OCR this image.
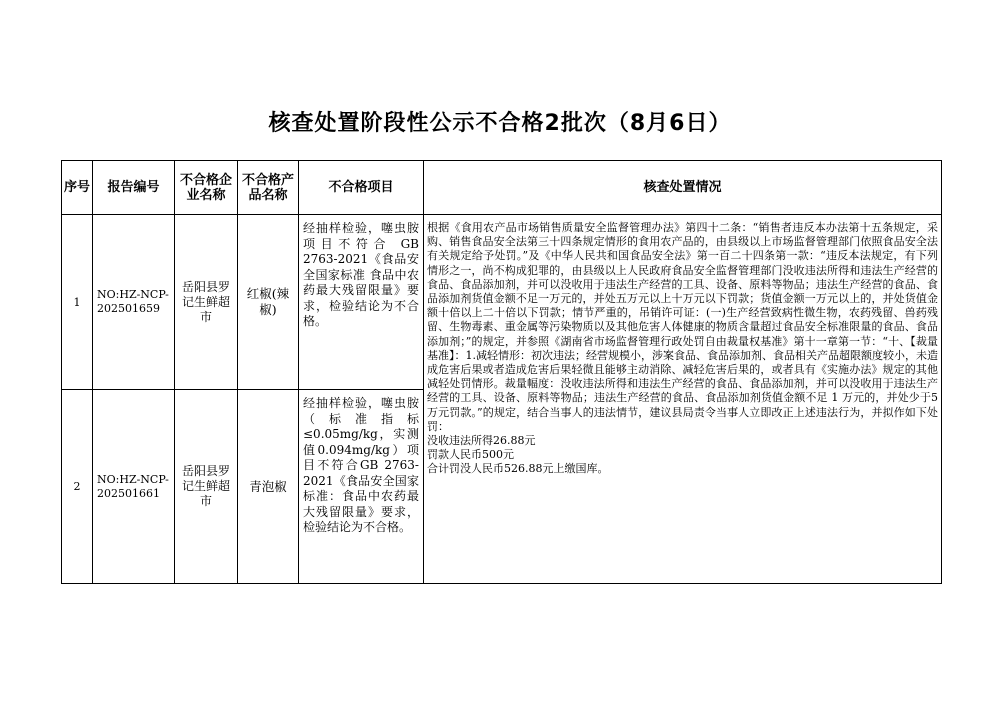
核查处置阶段性公示不合格2批次（8月6日）
序号	报告编号	不合格企业名称	不合格产品名称	不合格项目	核查处置情况
1	NO:HZ-NCP-202501659	岳阳县罗记生鲜超市	红椒(辣椒)	经抽样检验，噻虫胺项目不符合 GB 2763-2021《食品安全国家标准 食品中农药最大残留限量》要求，检验结论为不合格。	根据《食用农产品市场销售质量安全监督管理办法》第四十二条：“销售者违反本办法第十五条规定，采购、销售食品安全法第三十四条规定情形的食用农产品的，由县级以上市场监督管理部门依照食品安全法有关规定给予处罚。”及《中华人民共和国食品安全法》第一百二十四条第一款：“违反本法规定，有下列情形之一，尚不构成犯罪的，由县级以上人民政府食品安全监督管理部门没收违法所得和违法生产经营的食品、食品添加剂，并可以没收用于违法生产经营的工具、设备、原料等物品；违法生产经营的食品、食品添加剂货值金额不足一万元的，并处五万元以上十万元以下罚款；货值金额一万元以上的，并处货值金额十倍以上二十倍以下罚款；情节严重的，吊销许可证：(一)生产经营致病性微生物，农药残留、兽药残留、生物毒素、重金属等污染物质以及其他危害人体健康的物质含量超过食品安全标准限量的食品、食品添加剂；”的规定，并参照《湖南省市场监督管理行政处罚自由裁量权基准》第十一章第一节：“十、【裁量基准】：1.减轻情形：初次违法；经营规模小，涉案食品、食品添加剂、食品相关产品超限额度较小，未造成危害后果或者造成危害后果轻微且能够主动消除、减轻危害后果的，或者具有《实施办法》规定的其他减轻处罚情形。裁量幅度：没收违法所得和违法生产经营的食品、食品添加剂，并可以没收用于违法生产经营的工具、设备、原料等物品；违法生产经营的食品、食品添加剂货值金额不足 1 万元的，并处少于5万元罚款。”的规定，结合当事人的违法情节，建议县局责令当事人立即改正上述违法行为，并拟作如下处罚：

没收违法所得26.88元

罚款人民币500元

合计罚没人民币526.88元上缴国库。

2	NO:HZ-NCP-202501661	岳阳县罗记生鲜超市	青泡椒	经抽样检验，噻虫胺（标准指标≤0.05mg/kg，实测值0.094mg/kg）项目不符合GB 2763-2021《食品安全国家标准：食品中农药最大残留限量》要求，检验结论为不合格。	
